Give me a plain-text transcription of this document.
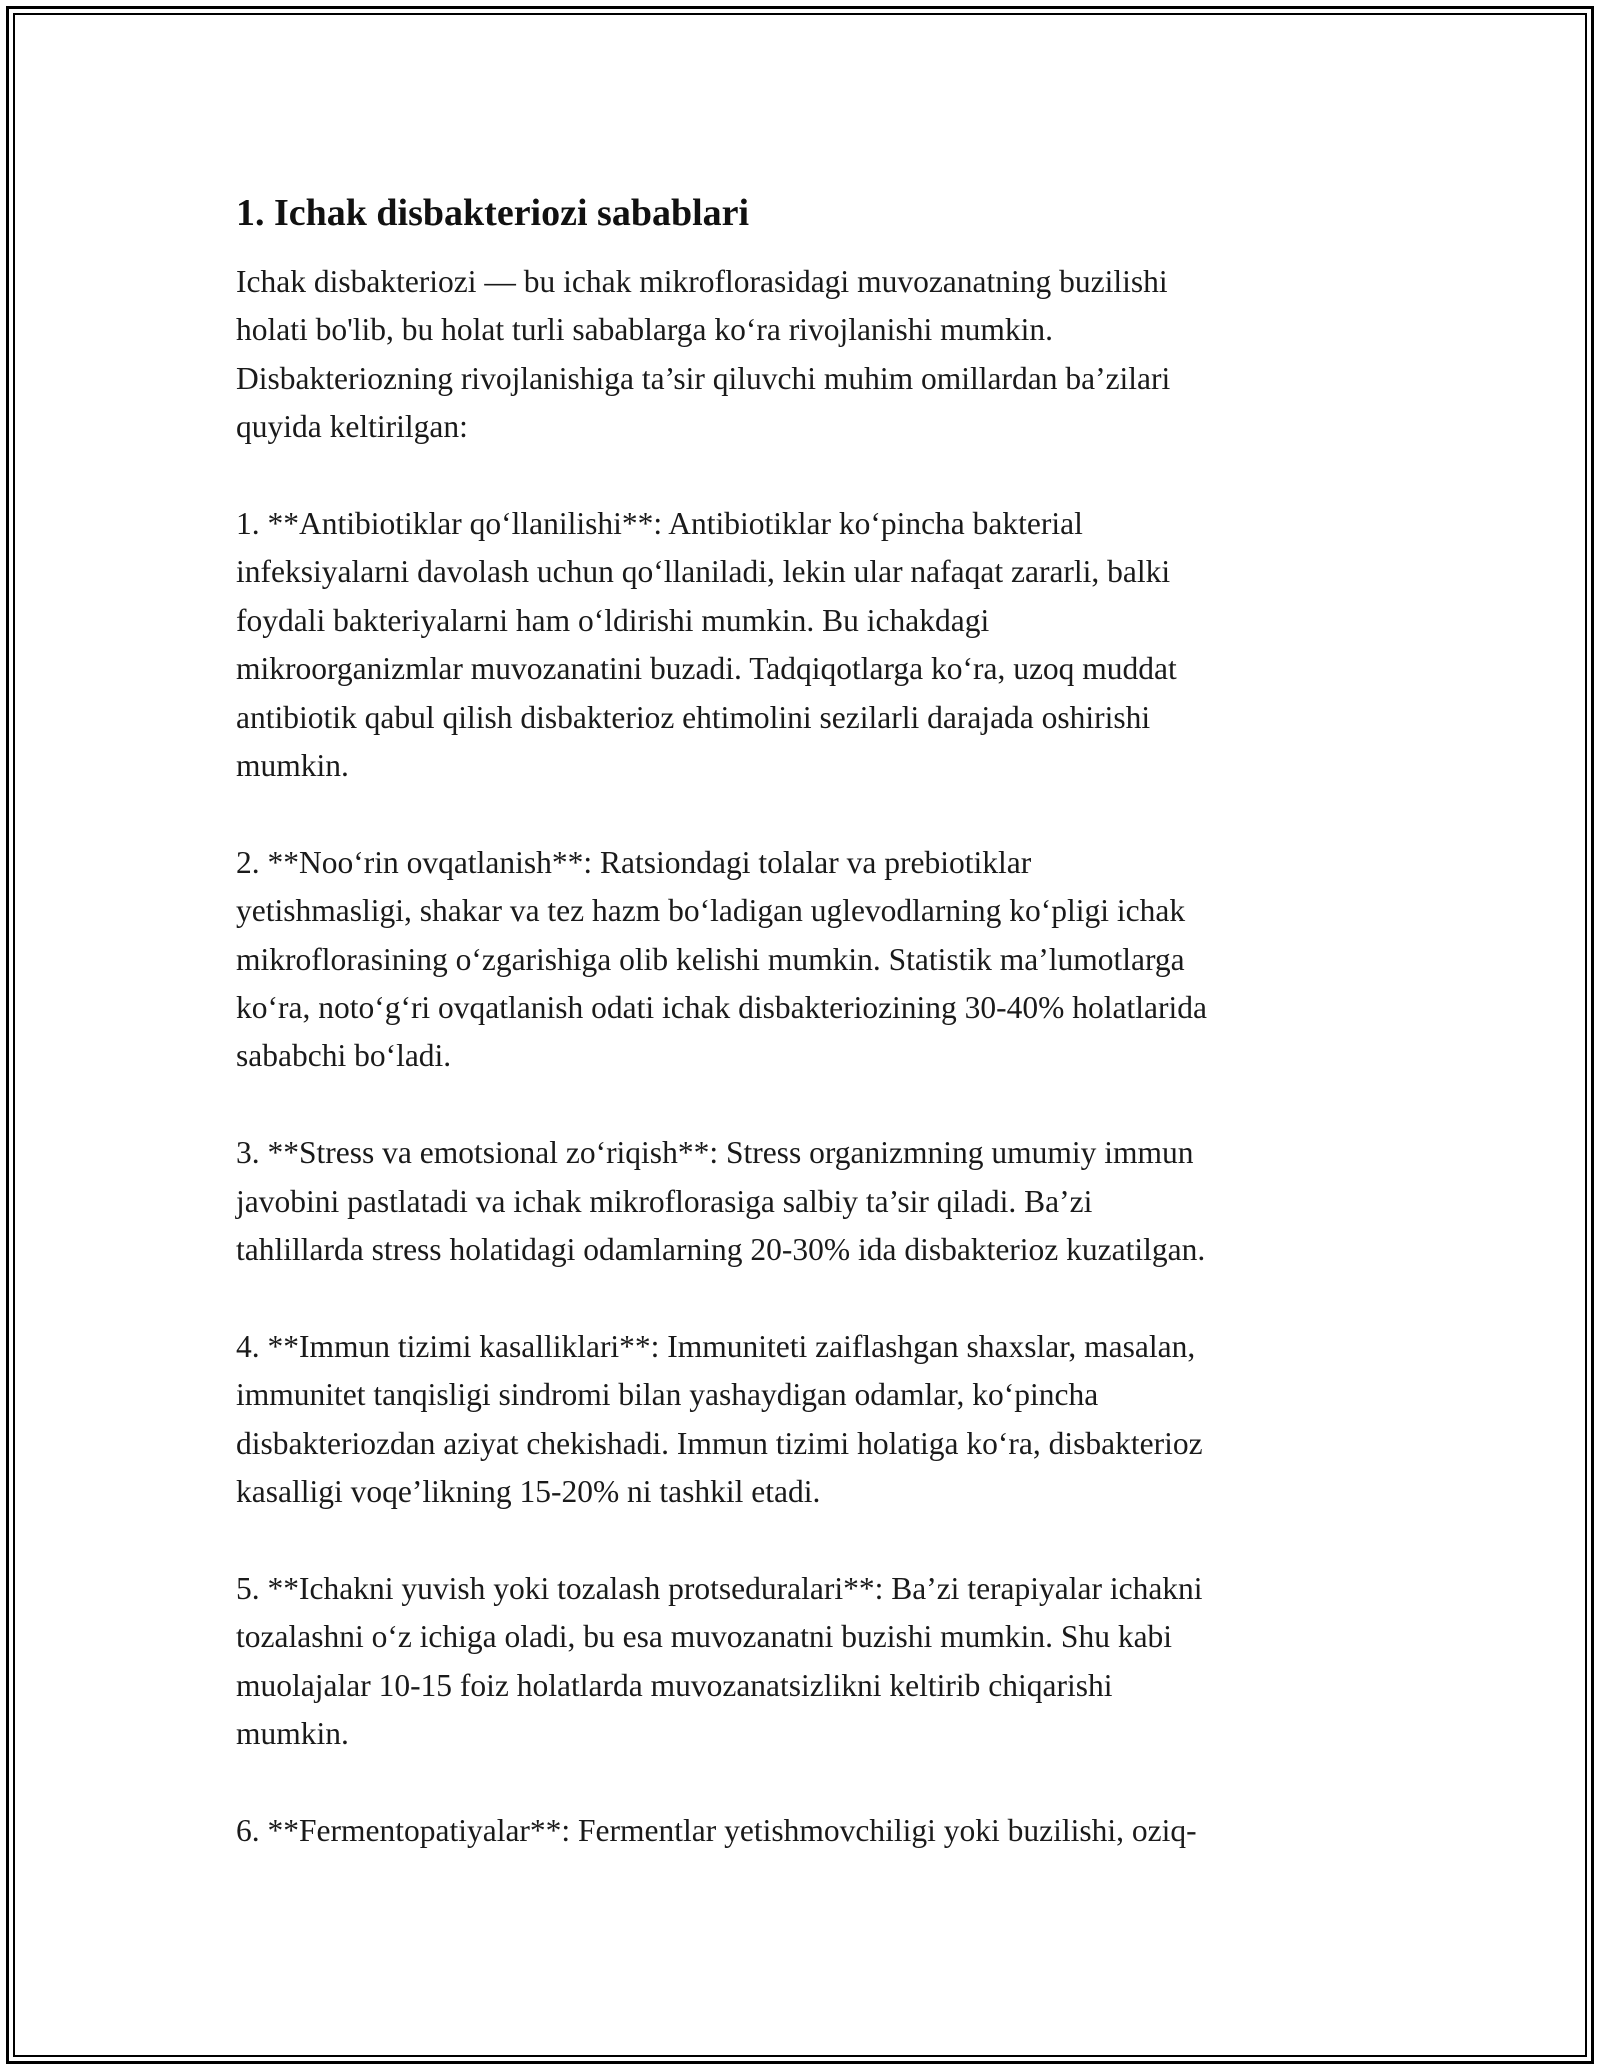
1. Ichak disbakteriozi sabablari

Ichak disbakteriozi — bu ichak mikroflorasidagi muvozanatning buzilishi
holati bo'lib, bu holat turli sabablarga ko‘ra rivojlanishi mumkin.
Disbakteriozning rivojlanishiga ta’sir qiluvchi muhim omillardan ba’zilari
quyida keltirilgan:

1. **Antibiotiklar qo‘llanilishi**: Antibiotiklar ko‘pincha bakterial
infeksiyalarni davolash uchun qo‘llaniladi, lekin ular nafaqat zararli, balki
foydali bakteriyalarni ham o‘ldirishi mumkin. Bu ichakdagi
mikroorganizmlar muvozanatini buzadi. Tadqiqotlarga ko‘ra, uzoq muddat
antibiotik qabul qilish disbakterioz ehtimolini sezilarli darajada oshirishi
mumkin.

2. **Noo‘rin ovqatlanish**: Ratsiondagi tolalar va prebiotiklar
yetishmasligi, shakar va tez hazm bo‘ladigan uglevodlarning ko‘pligi ichak
mikroflorasining o‘zgarishiga olib kelishi mumkin. Statistik ma’lumotlarga
ko‘ra, noto‘g‘ri ovqatlanish odati ichak disbakteriozining 30-40% holatlarida
sababchi bo‘ladi.

3. **Stress va emotsional zo‘riqish**: Stress organizmning umumiy immun
javobini pastlatadi va ichak mikroflorasiga salbiy ta’sir qiladi. Ba’zi
tahlillarda stress holatidagi odamlarning 20-30% ida disbakterioz kuzatilgan.

4. **Immun tizimi kasalliklari**: Immuniteti zaiflashgan shaxslar, masalan,
immunitet tanqisligi sindromi bilan yashaydigan odamlar, ko‘pincha
disbakteriozdan aziyat chekishadi. Immun tizimi holatiga ko‘ra, disbakterioz
kasalligi voqe’likning 15-20% ni tashkil etadi.

5. **Ichakni yuvish yoki tozalash protseduralari**: Ba’zi terapiyalar ichakni
tozalashni o‘z ichiga oladi, bu esa muvozanatni buzishi mumkin. Shu kabi
muolajalar 10-15 foiz holatlarda muvozanatsizlikni keltirib chiqarishi
mumkin.

6. **Fermentopatiyalar**: Fermentlar yetishmovchiligi yoki buzilishi, oziq-
